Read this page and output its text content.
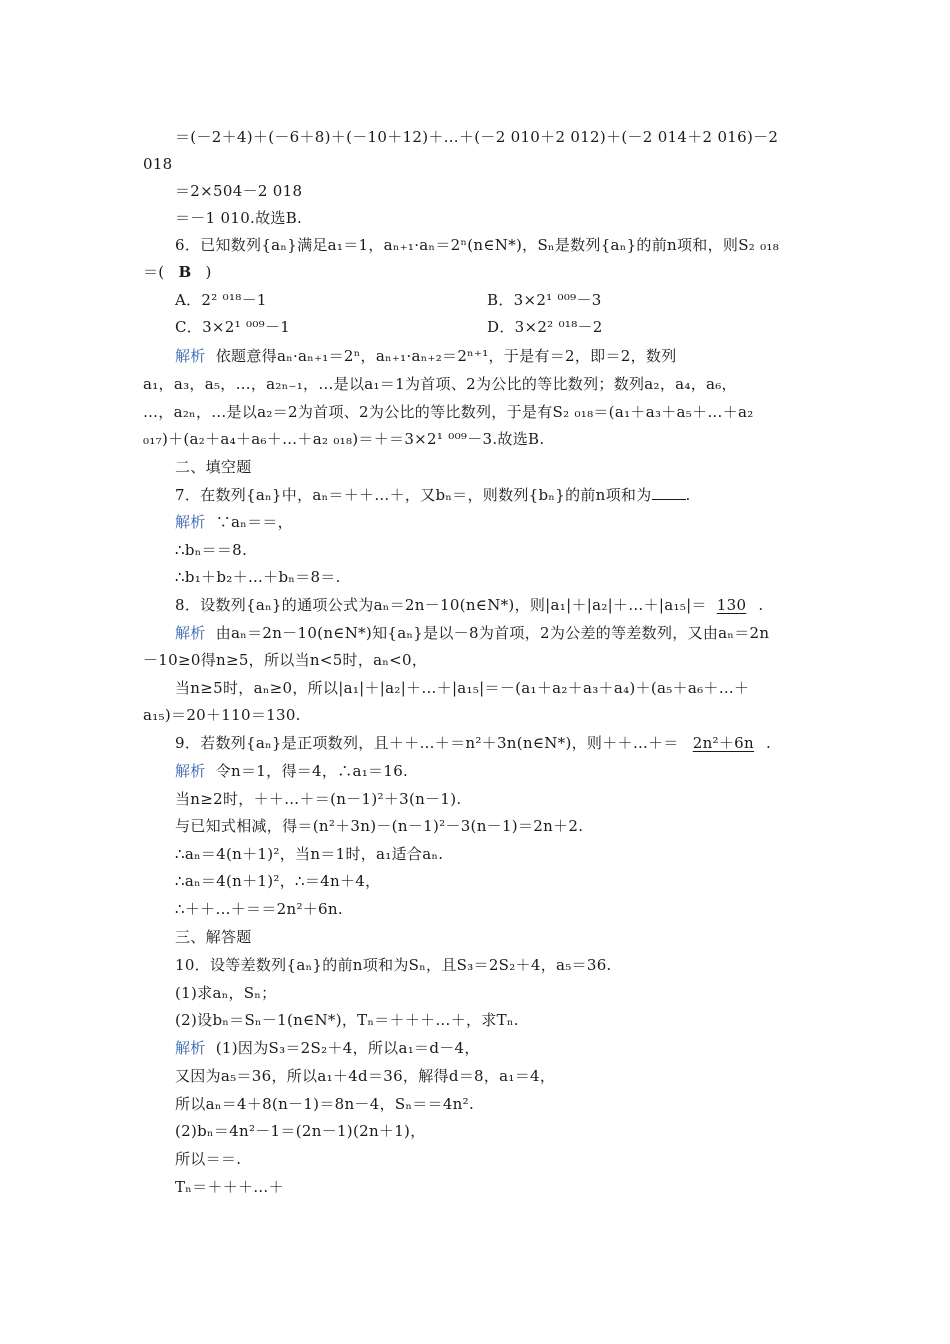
＝(－2＋4)＋(－6＋8)＋(－10＋12)＋…＋(－2 010＋2 012)＋(－2 014＋2 016)－2
018
＝2×504－2 018
＝－1 010.故选B.
6．已知数列{aₙ}满足a₁＝1，aₙ₊₁·aₙ＝2ⁿ(n∈N*)，Sₙ是数列{aₙ}的前n项和，则S₂ ₀₁₈
＝( B )
A．2² ⁰¹⁸－1	B．3×2¹ ⁰⁰⁹－3
C．3×2¹ ⁰⁰⁹－1	D．3×2² ⁰¹⁸－2
解析 依题意得aₙ·aₙ₊₁＝2ⁿ，aₙ₊₁·aₙ₊₂＝2ⁿ⁺¹，于是有＝2，即＝2，数列
a₁，a₃，a₅，…，a₂ₙ₋₁，…是以a₁＝1为首项、2为公比的等比数列；数列a₂，a₄，a₆，
…，a₂ₙ，…是以a₂＝2为首项、2为公比的等比数列，于是有S₂ ₀₁₈＝(a₁＋a₃＋a₅＋…＋a₂
₀₁₇)＋(a₂＋a₄＋a₆＋…＋a₂ ₀₁₈)＝＋＝3×2¹ ⁰⁰⁹－3.故选B.
二、填空题
7．在数列{aₙ}中，aₙ＝＋＋…＋，又bₙ＝，则数列{bₙ}的前n项和为 .
解析 ∵aₙ＝＝，
∴bₙ＝＝8.
∴b₁＋b₂＋…＋bₙ＝8＝.
8．设数列{aₙ}的通项公式为aₙ＝2n－10(n∈N*)，则|a₁|＋|a₂|＋…＋|a₁₅|＝ 130 .
解析 由aₙ＝2n－10(n∈N*)知{aₙ}是以－8为首项，2为公差的等差数列，又由aₙ＝2n
－10≥0得n≥5，所以当n<5时，aₙ<0，
当n≥5时，aₙ≥0，所以|a₁|＋|a₂|＋…＋|a₁₅|＝－(a₁＋a₂＋a₃＋a₄)＋(a₅＋a₆＋…＋
a₁₅)＝20＋110＝130.
9．若数列{aₙ}是正项数列，且＋＋…＋＝n²＋3n(n∈N*)，则＋＋…＋＝ 2n²＋6n .
解析 令n＝1，得＝4，∴a₁＝16.
当n≥2时，＋＋…＋＝(n－1)²＋3(n－1).
与已知式相减，得＝(n²＋3n)－(n－1)²－3(n－1)＝2n＋2.
∴aₙ＝4(n＋1)²，当n＝1时，a₁适合aₙ.
∴aₙ＝4(n＋1)²，∴＝4n＋4，
∴＋＋…＋＝＝2n²＋6n.
三、解答题
10．设等差数列{aₙ}的前n项和为Sₙ，且S₃＝2S₂＋4，a₅＝36.
(1)求aₙ，Sₙ；
(2)设bₙ＝Sₙ－1(n∈N*)，Tₙ＝＋＋＋…＋，求Tₙ.
解析 (1)因为S₃＝2S₂＋4，所以a₁＝d－4，
又因为a₅＝36，所以a₁＋4d＝36，解得d＝8，a₁＝4，
所以aₙ＝4＋8(n－1)＝8n－4，Sₙ＝＝4n².
(2)bₙ＝4n²－1＝(2n－1)(2n＋1)，
所以＝＝.
Tₙ＝＋＋＋…＋
